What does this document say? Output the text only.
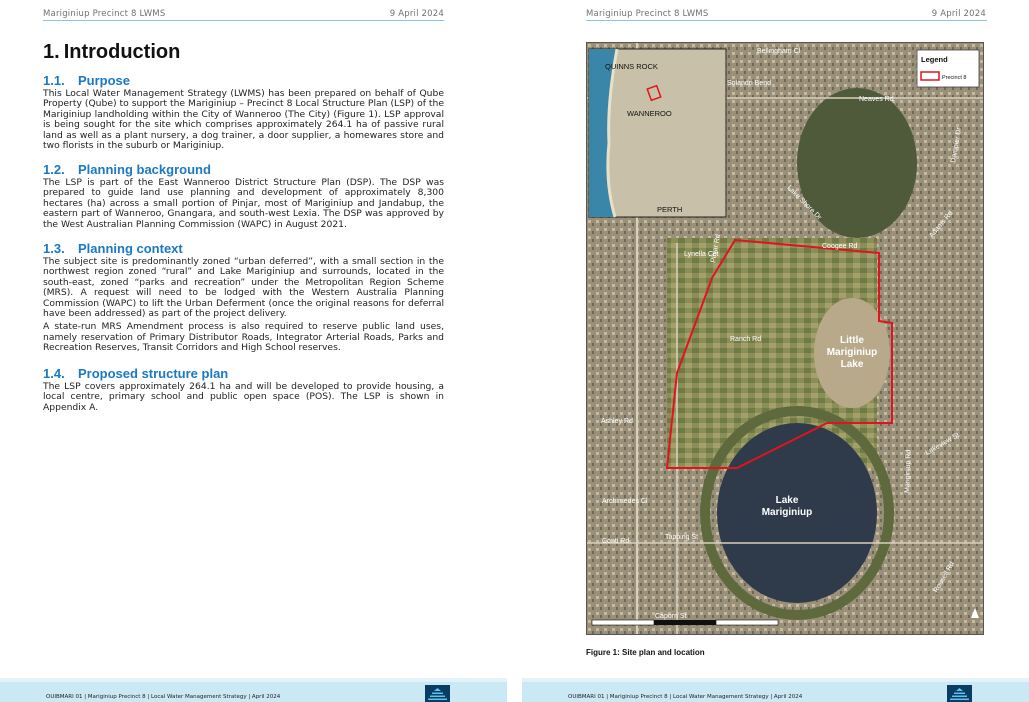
Mariginiup Precinct 8 LWMS	9 April 2024
1. Introduction
1.1. Purpose

This Local Water Management Strategy (LWMS) has been prepared on behalf of Qube Property (Qube) to support the Mariginiup – Precinct 8 Local Structure Plan (LSP) of the Mariginiup landholding within the City of Wanneroo (The City) (Figure 1). LSP approval is being sought for the site which comprises approximately 264.1 ha of passive rural land as well as a plant nursery, a dog trainer, a door supplier, a homewares store and two florists in the suburb or Mariginiup.

1.2. Planning background

The LSP is part of the East Wanneroo District Structure Plan (DSP). The DSP was prepared to guide land use planning and development of approximately 8,300 hectares (ha) across a small portion of Pinjar, most of Mariginiup and Jandabup, the eastern part of Wanneroo, Gnangara, and south-west Lexia. The DSP was approved by the West Australian Planning Commission (WAPC) in August 2021.

1.3. Planning context

The subject site is predominantly zoned “urban deferred”, with a small section in the northwest region zoned “rural” and Lake Mariginiup and surrounds, located in the south-east, zoned “parks and recreation” under the Metropolitan Region Scheme (MRS). A request will need to be lodged with the Western Australia Planning Commission (WAPC) to lift the Urban Deferment (once the original reasons for deferral have been addressed) as part of the project delivery.

A state-run MRS Amendment process is also required to reserve public land uses, namely reservation of Primary Distributor Roads, Integrator Arterial Roads, Parks and Recreation Reserves, Transit Corridors and High School reserves.

1.4. Proposed structure plan

The LSP covers approximately 264.1 ha and will be developed to provide housing, a local centre, primary school and public open space (POS). The LSP is shown in Appendix A.

OUIBMARI 01 | Mariginiup Precinct 8 | Local Water Management Strategy | April 2024
Mariginiup Precinct 8 LWMS	9 April 2024
QUINNS ROCK
WANNEROO
PERTH
Legend
Precinct 8
Little
Mariginiup
Lake
Lake
Mariginiup
Pinjar Rd	Coogee Rd
Neaves Rd
Solandri Bend
Ranch Rd
Lynella Cct
Mariginiup Rd
Conti Rd
Tapping St
Caporn St
Lakeview St
Adams Rd
Dampier Dr
Lake Shore Dr
Archimedes Cl
Ashley Rd
Rousell Rd
Bellingham Cl
Figure 1: Site plan and location
OUIBMARI 01 | Mariginiup Precinct 8 | Local Water Management Strategy | April 2024
